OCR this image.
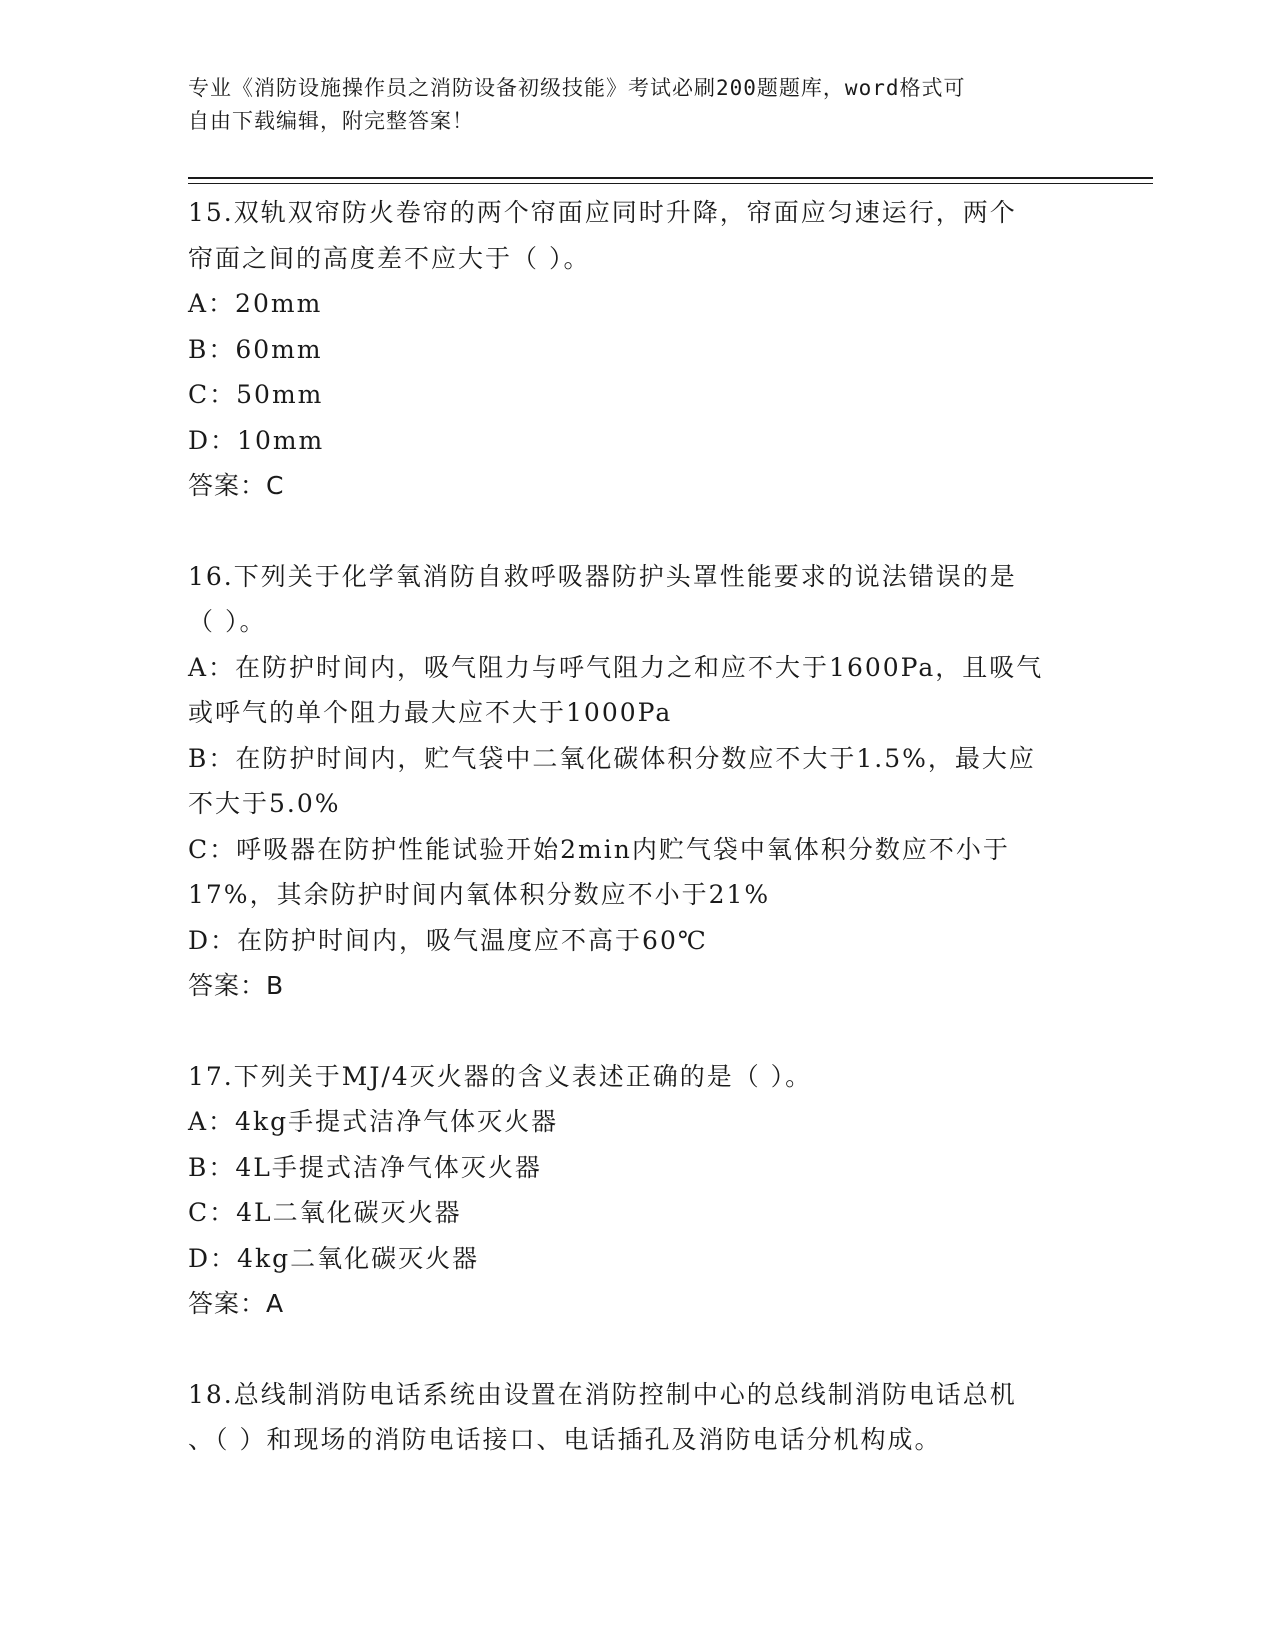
专业《消防设施操作员之消防设备初级技能》考试必刷200题题库，word格式可
自由下载编辑，附完整答案！
15.双轨双帘防火卷帘的两个帘面应同时升降，帘面应匀速运行，两个
帘面之间的高度差不应大于（ ）。
A：20mm
B：60mm
C：50mm
D：10mm
答案：C
16.下列关于化学氧消防自救呼吸器防护头罩性能要求的说法错误的是
（ ）。
A：在防护时间内，吸气阻力与呼气阻力之和应不大于1600Pa，且吸气
或呼气的单个阻力最大应不大于1000Pa
B：在防护时间内，贮气袋中二氧化碳体积分数应不大于1.5%，最大应
不大于5.0%
C：呼吸器在防护性能试验开始2min内贮气袋中氧体积分数应不小于
17%，其余防护时间内氧体积分数应不小于21%
D：在防护时间内，吸气温度应不高于60℃
答案：B
17.下列关于MJ/4灭火器的含义表述正确的是（ ）。
A：4kg手提式洁净气体灭火器
B：4L手提式洁净气体灭火器
C：4L二氧化碳灭火器
D：4kg二氧化碳灭火器
答案：A
18.总线制消防电话系统由设置在消防控制中心的总线制消防电话总机
、（ ）和现场的消防电话接口、电话插孔及消防电话分机构成。
